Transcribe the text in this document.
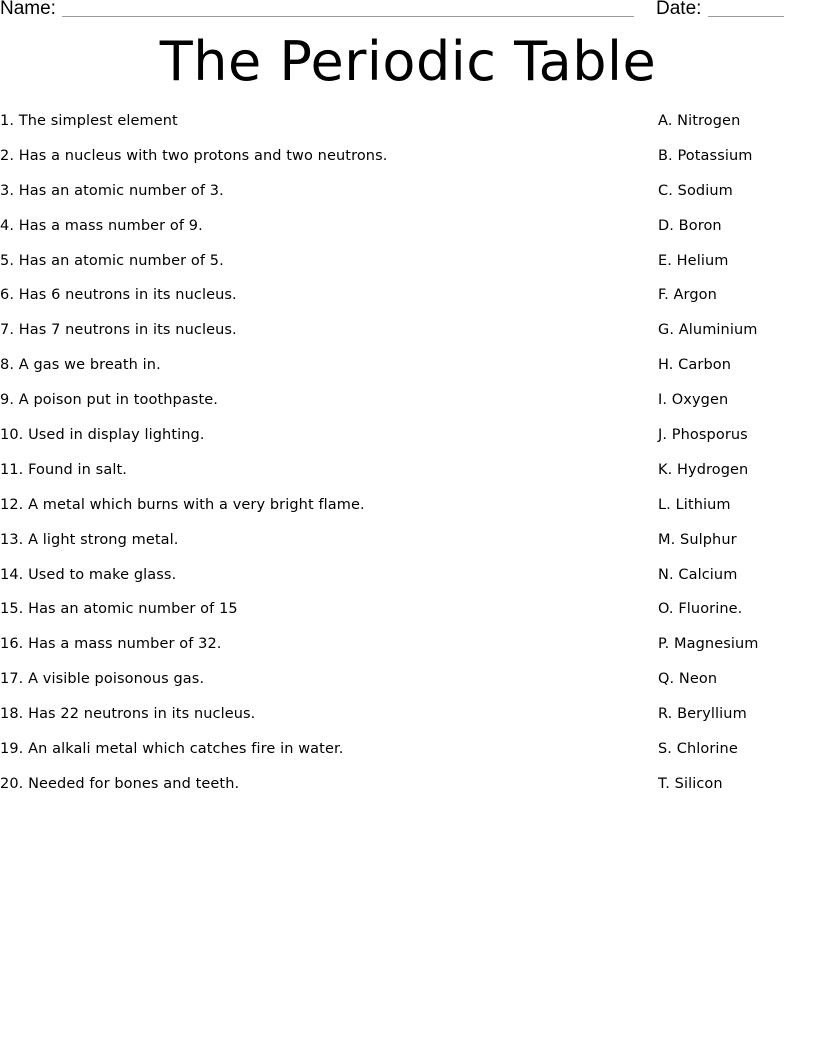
Name:	Date:
The Periodic Table
1. The simplest element
2. Has a nucleus with two protons and two neutrons.
3. Has an atomic number of 3.
4. Has a mass number of 9.
5. Has an atomic number of 5.
6. Has 6 neutrons in its nucleus.
7. Has 7 neutrons in its nucleus.
8. A gas we breath in.
9. A poison put in toothpaste.
10. Used in display lighting.
11. Found in salt.
12. A metal which burns with a very bright flame.
13. A light strong metal.
14. Used to make glass.
15. Has an atomic number of 15
16. Has a mass number of 32.
17. A visible poisonous gas.
18. Has 22 neutrons in its nucleus.
19. An alkali metal which catches fire in water.
20. Needed for bones and teeth.
A. Nitrogen
B. Potassium
C. Sodium
D. Boron
E. Helium
F. Argon
G. Aluminium
H. Carbon
I. Oxygen
J. Phosporus
K. Hydrogen
L. Lithium
M. Sulphur
N. Calcium
O. Fluorine.
P. Magnesium
Q. Neon
R. Beryllium
S. Chlorine
T. Silicon
